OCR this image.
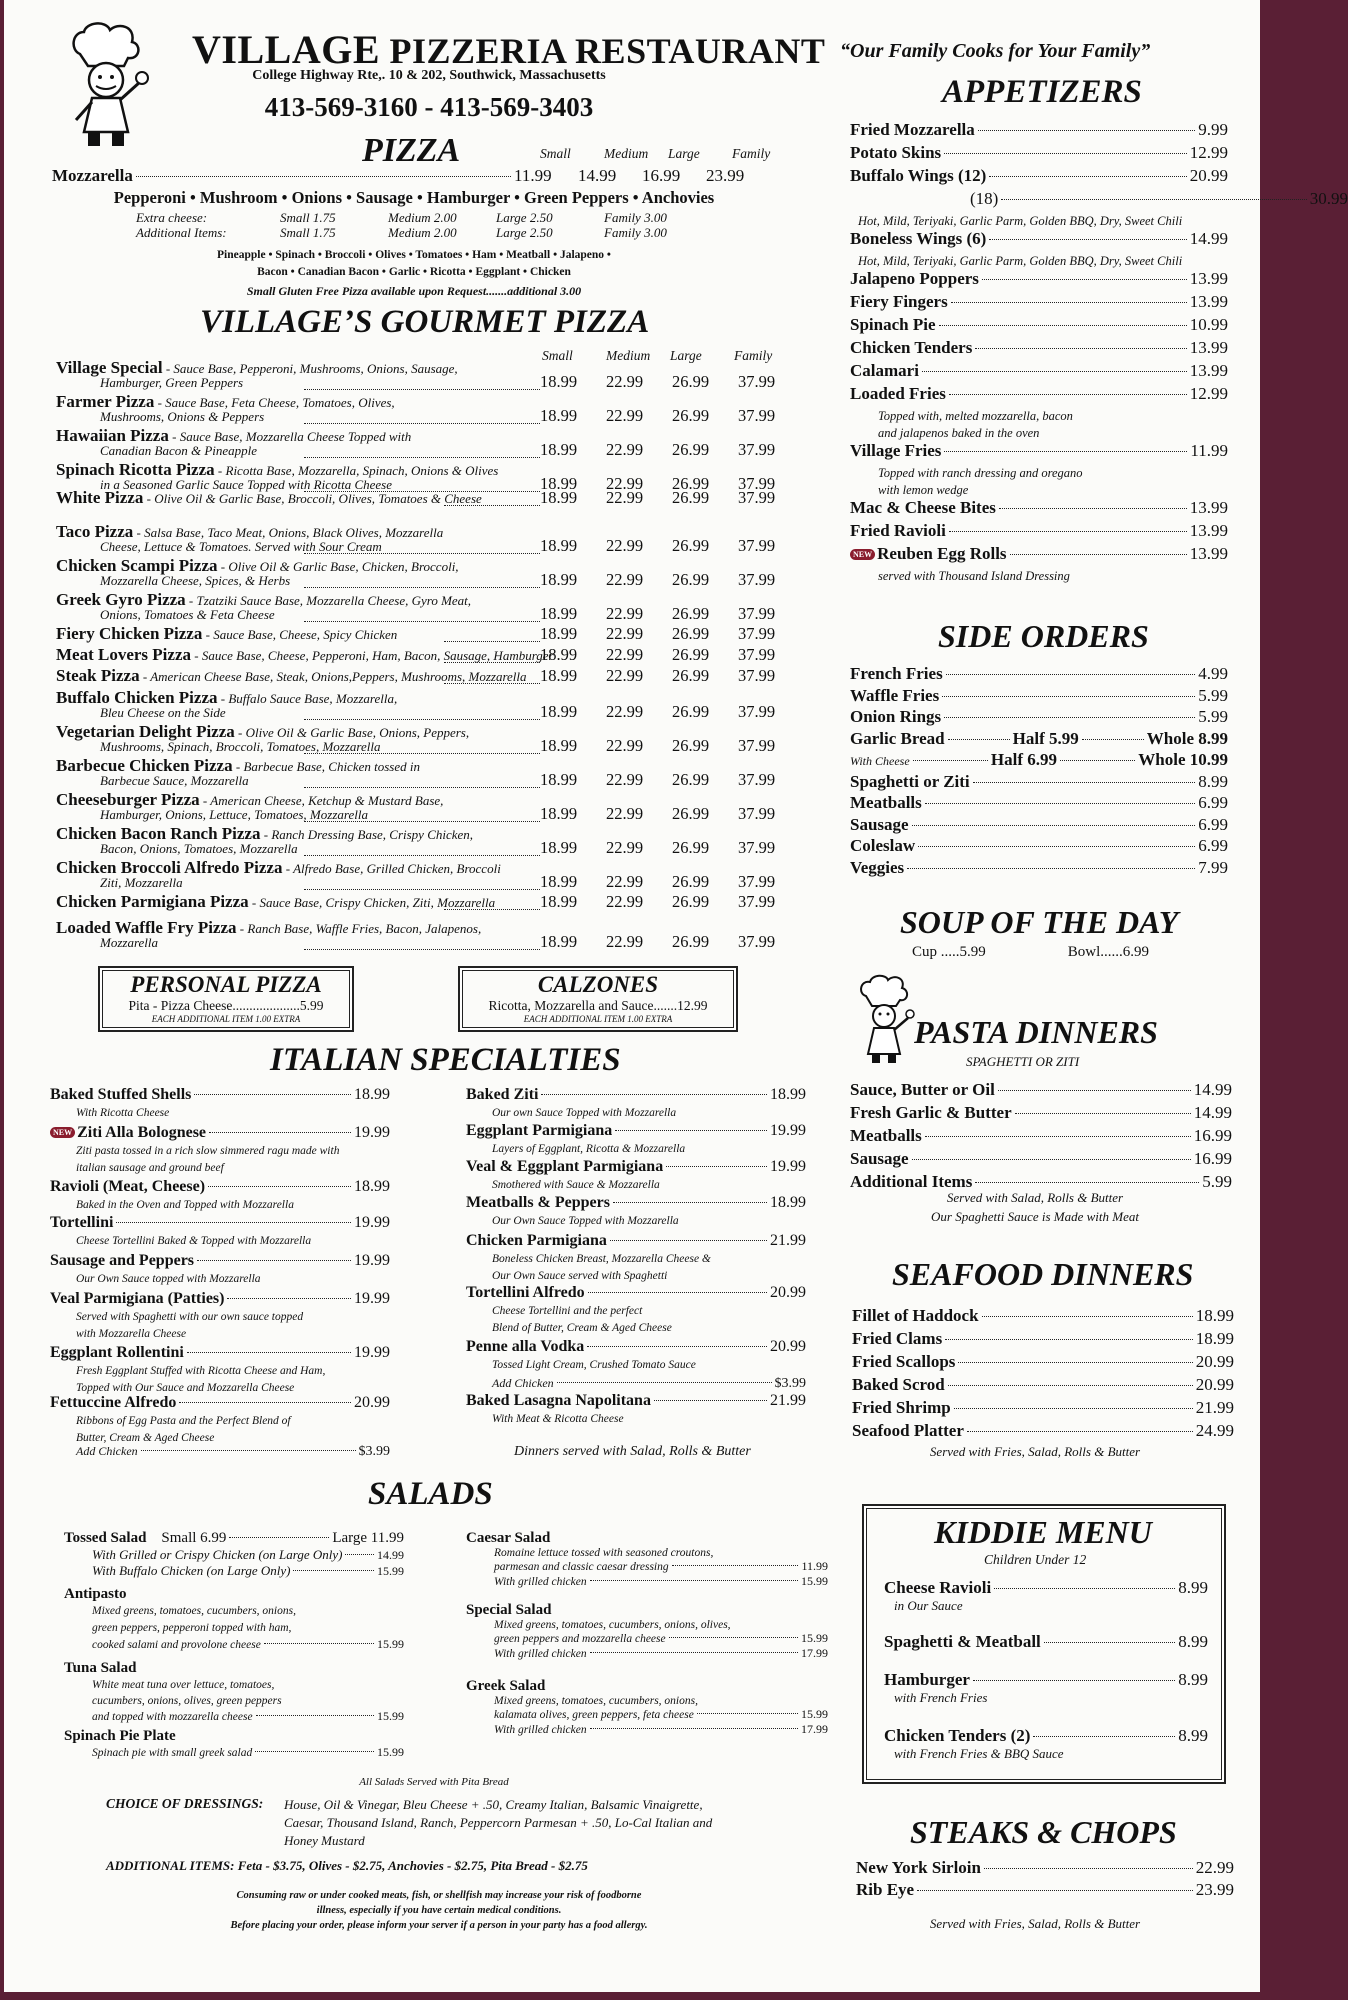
VILLAGE PIZZERIA RESTAURANT
College Highway Rte,. 10 & 202, Southwick, Massachusetts
413-569-3160 - 413-569-3403
PIZZA	Small Medium Large Family
Mozzarella	11.99	14.99	16.99	23.99
Pepperoni • Mushroom • Onions • Sausage • Hamburger • Green Peppers • Anchovies
Extra cheese:	Small 1.75	Medium 2.00	Large 2.50	Family 3.00
Additional Items:	Small 1.75	Medium 2.00	Large 2.50	Family 3.00
Pineapple • Spinach • Broccoli • Olives • Tomatoes • Ham • Meatball • Jalapeno •
Bacon • Canadian Bacon • Garlic • Ricotta • Eggplant • Chicken
Small Gluten Free Pizza available upon Request.......additional 3.00
VILLAGE’S GOURMET PIZZA
Small Medium Large Family
Village Special - Sauce Base, Pepperoni, Mushrooms, Onions, Sausage,
Hamburger, Green Peppers	18.99 22.99 26.99 37.99
Farmer Pizza - Sauce Base, Feta Cheese, Tomatoes, Olives,
Mushrooms, Onions & Peppers	18.99 22.99 26.99 37.99
Hawaiian Pizza - Sauce Base, Mozzarella Cheese Topped with
Canadian Bacon & Pineapple	18.99 22.99 26.99 37.99
Spinach Ricotta Pizza - Ricotta Base, Mozzarella, Spinach, Onions & Olives
in a Seasoned Garlic Sauce Topped with Ricotta Cheese	18.99 22.99 26.99 37.99
White Pizza - Olive Oil & Garlic Base, Broccoli, Olives, Tomatoes & Cheese	18.99 22.99 26.99 37.99
Taco Pizza - Salsa Base, Taco Meat, Onions, Black Olives, Mozzarella
Cheese, Lettuce & Tomatoes. Served with Sour Cream	18.99 22.99 26.99 37.99
Chicken Scampi Pizza - Olive Oil & Garlic Base, Chicken, Broccoli,
Mozzarella Cheese, Spices, & Herbs	18.99 22.99 26.99 37.99
Greek Gyro Pizza - Tzatziki Sauce Base, Mozzarella Cheese, Gyro Meat,
Onions, Tomatoes & Feta Cheese	18.99 22.99 26.99 37.99
Fiery Chicken Pizza - Sauce Base, Cheese, Spicy Chicken	18.99 22.99 26.99 37.99
Meat Lovers Pizza - Sauce Base, Cheese, Pepperoni, Ham, Bacon, Sausage, Hamburger
18.99 22.99 26.99 37.99
Steak Pizza - American Cheese Base, Steak, Onions,Peppers, Mushrooms, Mozzarella 18.99 22.99 26.99 37.99
Buffalo Chicken Pizza - Buffalo Sauce Base, Mozzarella,
Bleu Cheese on the Side	18.99 22.99 26.99 37.99
Vegetarian Delight Pizza - Olive Oil & Garlic Base, Onions, Peppers,
Mushrooms, Spinach, Broccoli, Tomatoes, Mozzarella	18.99 22.99 26.99 37.99
Barbecue Chicken Pizza - Barbecue Base, Chicken tossed in
Barbecue Sauce, Mozzarella	18.99 22.99 26.99 37.99
Cheeseburger Pizza - American Cheese, Ketchup & Mustard Base,
Hamburger, Onions, Lettuce, Tomatoes, Mozzarella	18.99 22.99 26.99 37.99
Chicken Bacon Ranch Pizza - Ranch Dressing Base, Crispy Chicken,
Bacon, Onions, Tomatoes, Mozzarella	18.99 22.99 26.99 37.99
Chicken Broccoli Alfredo Pizza - Alfredo Base, Grilled Chicken, Broccoli
Ziti, Mozzarella	18.99 22.99 26.99 37.99
Chicken Parmigiana Pizza - Sauce Base, Crispy Chicken, Ziti, Mozzarella	18.99 22.99 26.99 37.99
Loaded Waffle Fry Pizza - Ranch Base, Waffle Fries, Bacon, Jalapenos,
Mozzarella	18.99 22.99 26.99 37.99
PERSONAL PIZZA
Pita - Pizza Cheese....................5.99
EACH ADDITIONAL ITEM 1.00 EXTRA
CALZONES
Ricotta, Mozzarella and Sauce.......12.99
EACH ADDITIONAL ITEM 1.00 EXTRA
ITALIAN SPECIALTIES
Baked Stuffed Shells	18.99
With Ricotta Cheese
NEW Ziti Alla Bolognese	19.99
Ziti pasta tossed in a rich slow simmered ragu made with
italian sausage and ground beef
Ravioli (Meat, Cheese)	18.99
Baked in the Oven and Topped with Mozzarella
Tortellini	19.99
Cheese Tortellini Baked & Topped with Mozzarella
Sausage and Peppers	19.99
Our Own Sauce topped with Mozzarella
Veal Parmigiana (Patties)	19.99
Served with Spaghetti with our own sauce topped
with Mozzarella Cheese
Eggplant Rollentini	19.99
Fresh Eggplant Stuffed with Ricotta Cheese and Ham,
Topped with Our Sauce and Mozzarella Cheese
Fettuccine Alfredo	20.99
Ribbons of Egg Pasta and the Perfect Blend of
Butter, Cream & Aged Cheese
Add Chicken	$3.99
Baked Ziti	18.99
Our own Sauce Topped with Mozzarella
Eggplant Parmigiana	19.99
Layers of Eggplant, Ricotta & Mozzarella
Veal & Eggplant Parmigiana	19.99
Smothered with Sauce & Mozzarella
Meatballs & Peppers	18.99
Our Own Sauce Topped with Mozzarella
Chicken Parmigiana	21.99
Boneless Chicken Breast, Mozzarella Cheese &
Our Own Sauce served with Spaghetti
Tortellini Alfredo	20.99
Cheese Tortellini and the perfect
Blend of Butter, Cream & Aged Cheese
Penne alla Vodka	20.99
Tossed Light Cream, Crushed Tomato Sauce
Baked Lasagna Napolitana	21.99
With Meat & Ricotta Cheese
Add Chicken	$3.99
Dinners served with Salad, Rolls & Butter
SALADS
Tossed Salad
Small 6.99	Large 11.99
With Grilled or Crispy Chicken (on Large Only)	14.99
With Buffalo Chicken (on Large Only)	15.99
Antipasto
Mixed greens, tomatoes, cucumbers, onions,
green peppers, pepperoni topped with ham,
cooked salami and provolone cheese	15.99
Tuna Salad
White meat tuna over lettuce, tomatoes,
cucumbers, onions, olives, green peppers
and topped with mozzarella cheese	15.99
Spinach Pie Plate
Spinach pie with small greek salad	15.99
Caesar Salad
Romaine lettuce tossed with seasoned croutons,
parmesan and classic caesar dressing	11.99
With grilled chicken	15.99
Special Salad
Mixed greens, tomatoes, cucumbers, onions, olives,
green peppers and mozzarella cheese	15.99
With grilled chicken	17.99
Greek Salad
Mixed greens, tomatoes, cucumbers, onions,
kalamata olives, green peppers, feta cheese	15.99
With grilled chicken	17.99
All Salads Served with Pita Bread
CHOICE OF DRESSINGS: House, Oil & Vinegar, Bleu Cheese + .50, Creamy Italian, Balsamic Vinaigrette,
Caesar, Thousand Island, Ranch, Peppercorn Parmesan + .50, Lo-Cal Italian and
Honey Mustard
ADDITIONAL ITEMS: Feta - $3.75, Olives - $2.75, Anchovies - $2.75, Pita Bread - $2.75
Consuming raw or under cooked meats, fish, or shellfish may increase your risk of foodborne
illness, especially if you have certain medical conditions.
Before placing your order, please inform your server if a person in your party has a food allergy.
“Our Family Cooks for Your Family”
APPETIZERS
Fried Mozzarella	9.99
Potato Skins	12.99
Buffalo Wings (12)	20.99
(18)	30.99
Hot, Mild, Teriyaki, Garlic Parm, Golden BBQ, Dry, Sweet Chili
Boneless Wings (6)	14.99
Hot, Mild, Teriyaki, Garlic Parm, Golden BBQ, Dry, Sweet Chili
Jalapeno Poppers	13.99
Fiery Fingers	13.99
Spinach Pie	10.99
Chicken Tenders	13.99
Calamari	13.99
Loaded Fries	12.99
Topped with, melted mozzarella, bacon
and jalapenos baked in the oven
Village Fries	11.99
Topped with ranch dressing and oregano
with lemon wedge
Mac & Cheese Bites	13.99
Fried Ravioli	13.99
NEW Reuben Egg Rolls	13.99
served with Thousand Island Dressing
SIDE ORDERS
French Fries	4.99
Waffle Fries	5.99
Onion Rings	5.99
Garlic Bread	Half 5.99	Whole 8.99
With Cheese	Half 6.99	Whole 10.99
Spaghetti or Ziti	8.99
Meatballs	6.99
Sausage	6.99
Coleslaw	6.99
Veggies	7.99
SOUP OF THE DAY
Cup .....5.99	Bowl......6.99
PASTA DINNERS
SPAGHETTI OR ZITI
Sauce, Butter or Oil	14.99
Fresh Garlic & Butter	14.99
Meatballs	16.99
Sausage	16.99
Additional Items	5.99
Served with Salad, Rolls & Butter
Our Spaghetti Sauce is Made with Meat
SEAFOOD DINNERS
Fillet of Haddock	18.99
Fried Clams	18.99
Fried Scallops	20.99
Baked Scrod	20.99
Fried Shrimp	21.99
Seafood Platter	24.99
Served with Fries, Salad, Rolls & Butter
KIDDIE MENU
Children Under 12
Cheese Ravioli	8.99
in Our Sauce
Spaghetti & Meatball	8.99
Hamburger	8.99
with French Fries
Chicken Tenders (2)	8.99
with French Fries & BBQ Sauce
STEAKS & CHOPS
New York Sirloin	22.99
Rib Eye	23.99
Served with Fries, Salad, Rolls & Butter
